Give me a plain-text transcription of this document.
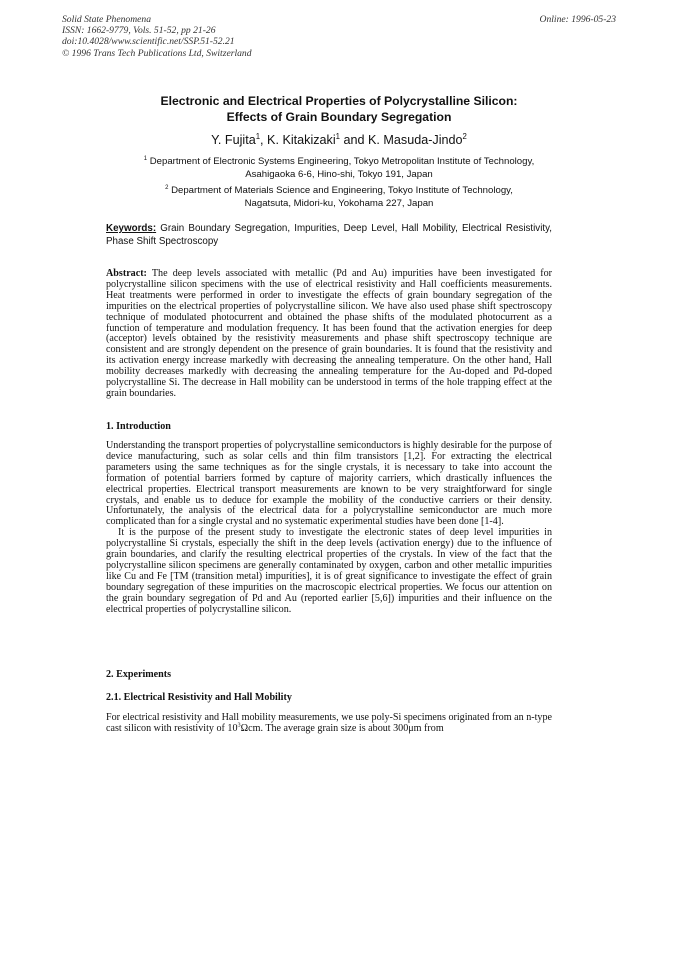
Solid State Phenomena
ISSN: 1662-9779, Vols. 51-52, pp 21-26
doi:10.4028/www.scientific.net/SSP.51-52.21
© 1996 Trans Tech Publications Ltd, Switzerland
Online: 1996-05-23
Electronic and Electrical Properties of Polycrystalline Silicon:
Effects of Grain Boundary Segregation
Y. Fujita$^1$, K. Kitakizaki$^1$ and K. Masuda-Jindo$^2$
$^1$ Department of Electronic Systems Engineering, Tokyo Metropolitan Institute of Technology,
Asahigaoka 6-6, Hino-shi, Tokyo 191, Japan
$^2$ Department of Materials Science and Engineering, Tokyo Institute of Technology,
Nagatsuta, Midori-ku, Yokohama 227, Japan
Keywords: Grain Boundary Segregation, Impurities, Deep Level, Hall Mobility, Electrical Resistivity, Phase Shift Spectroscopy
Abstract: The deep levels associated with metallic (Pd and Au) impurities have been investigated for polycrystalline silicon specimens with the use of electrical resistivity and Hall coefficients measurements. Heat treatments were performed in order to investigate the effects of grain boundary segregation of the impurities on the electrical properties of polycrystalline silicon. We have also used phase shift spectroscopy technique of modulated photocurrent and obtained the phase shifts of the modulated photocurrent as a function of temperature and modulation frequency. It has been found that the activation energies for deep (acceptor) levels obtained by the resistivity measurements and phase shift spectroscopy technique are consistent and are strongly dependent on the presence of grain boundaries. It is found that the resistivity and its activation energy increase markedly with decreasing the annealing temperature. On the other hand, Hall mobility decreases markedly with decreasing the annealing temperature for the Au-doped and Pd-doped polycrystalline Si. The decrease in Hall mobility can be understood in terms of the hole trapping effect at the grain boundaries.
1. Introduction
Understanding the transport properties of polycrystalline semiconductors is highly desirable for the purpose of device manufacturing, such as solar cells and thin film transistors [1,2]. For extracting the electrical parameters using the same techniques as for the single crystals, it is necessary to take into account the formation of potential barriers formed by capture of majority carriers, which drastically influences the electrical properties. Electrical transport measurements are known to be very straightforward for single crystals, and enable us to deduce for example the mobility of the conductive carriers or their density. Unfortunately, the analysis of the electrical data for a polycrystalline semiconductor are much more complicated than for a single crystal and no systematic experimental studies have been done [1-4].
It is the purpose of the present study to investigate the electronic states of deep level impurities in polycrystalline Si crystals, especially the shift in the deep levels (activation energy) due to the influence of grain boundaries, and clarify the resulting electrical properties of the crystals. In view of the fact that the polycrystalline silicon specimens are generally contaminated by oxygen, carbon and other metallic impurities like Cu and Fe [TM (transition metal) impurities], it is of great significance to investigate the effect of grain boundary segregation of these impurities on the macroscopic electrical properties. We focus our attention on the grain boundary segregation of Pd and Au (reported earlier [5,6]) impurities and their influence on the electrical properties of polycrystalline silicon.
2. Experiments
2.1. Electrical Resistivity and Hall Mobility
For electrical resistivity and Hall mobility measurements, we use poly-Si specimens originated from an n-type cast silicon with resistivity of $10^3\Omega cm$. The average grain size is about 300μm from
